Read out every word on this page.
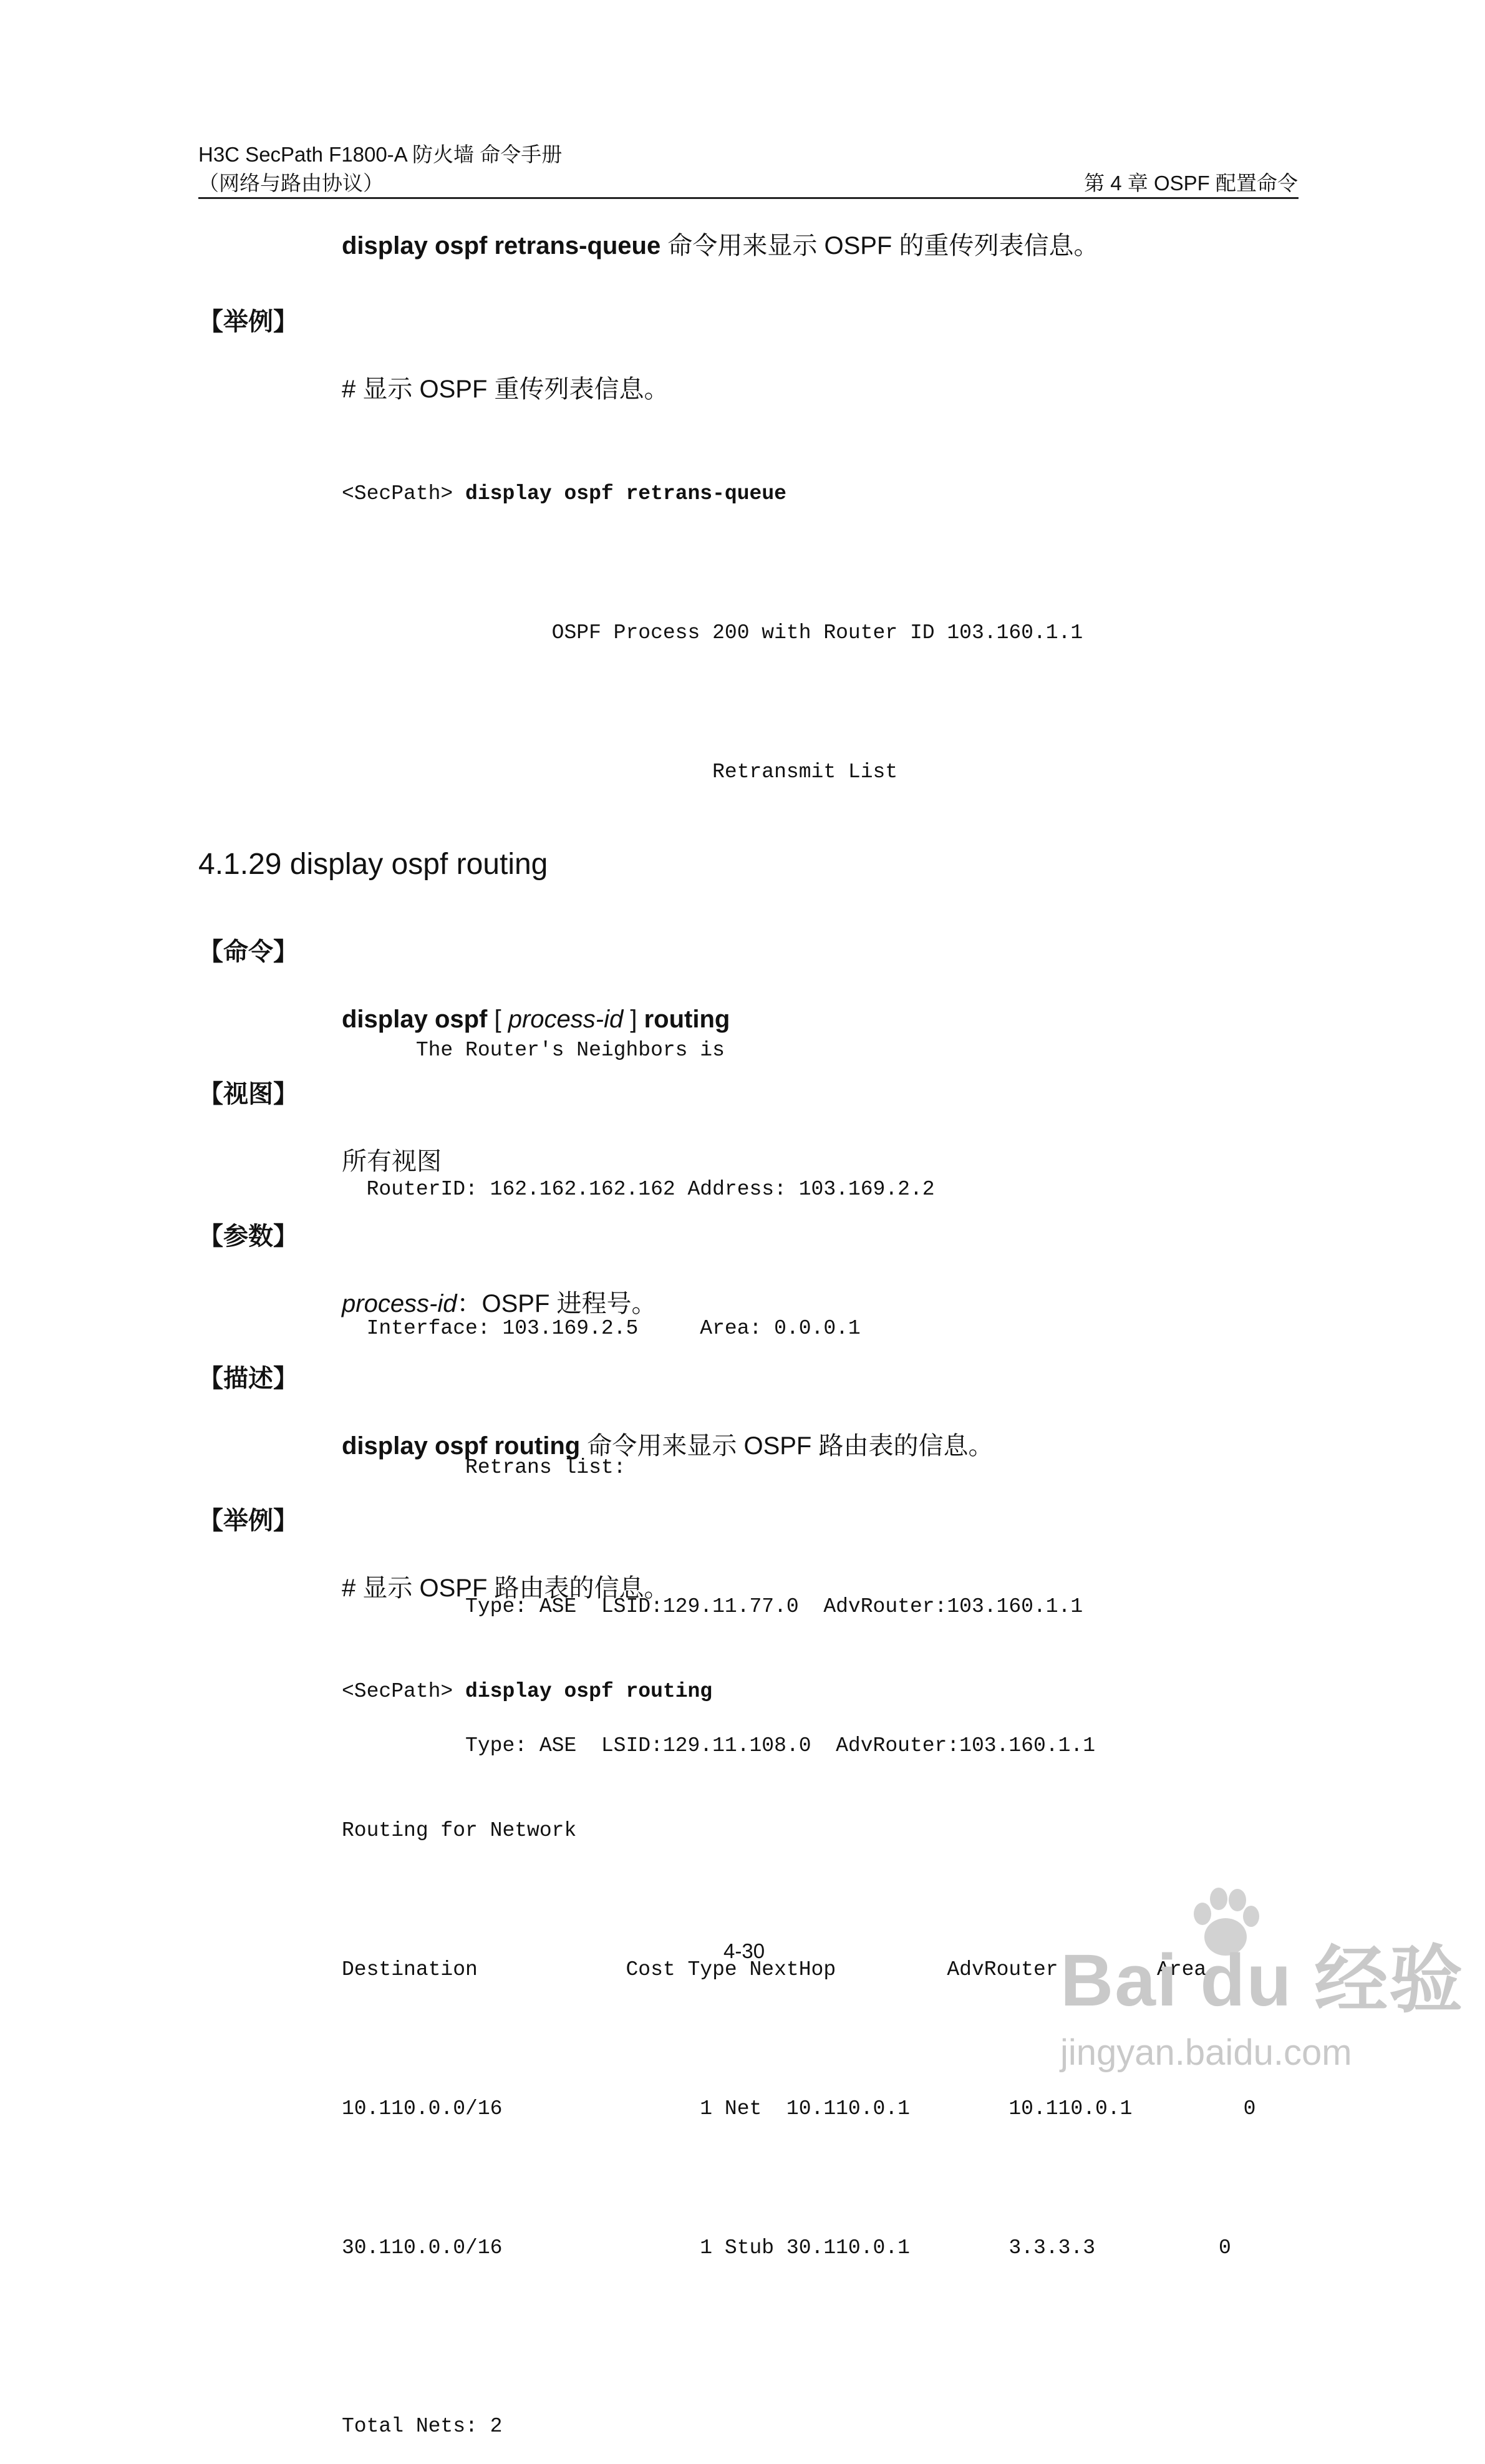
H3C SecPath F1800-A 防火墙 命令手册
（网络与路由协议）	第 4 章 OSPF 配置命令
display ospf retrans-queue 命令用来显示 OSPF 的重传列表信息。
【举例】
# 显示 OSPF 重传列表信息。

<SecPath> display ospf retrans-queue

OSPF Process 200 with Router ID 103.160.1.1

Retransmit List

The Router's Neighbors is

RouterID: 162.162.162.162 Address: 103.169.2.2

Interface: 103.169.2.5     Area: 0.0.0.1

Retrans list:

Type: ASE  LSID:129.11.77.0  AdvRouter:103.160.1.1

Type: ASE  LSID:129.11.108.0  AdvRouter:103.160.1.1

4.1.29 display ospf routing
【命令】
display ospf [ process-id ] routing
【视图】
所有视图
【参数】
process-id：OSPF 进程号。
【描述】
display ospf routing 命令用来显示 OSPF 路由表的信息。
【举例】
# 显示 OSPF 路由表的信息。

<SecPath> display ospf routing

Routing for Network

Destination            Cost Type NextHop         AdvRouter        Area

10.110.0.0/16                1 Net  10.110.0.1        10.110.0.1         0

30.110.0.0/16                1 Stub 30.110.0.1        3.3.3.3          0

Total Nets: 2

4-30	Bai du 经验
jingyan.baidu.com
